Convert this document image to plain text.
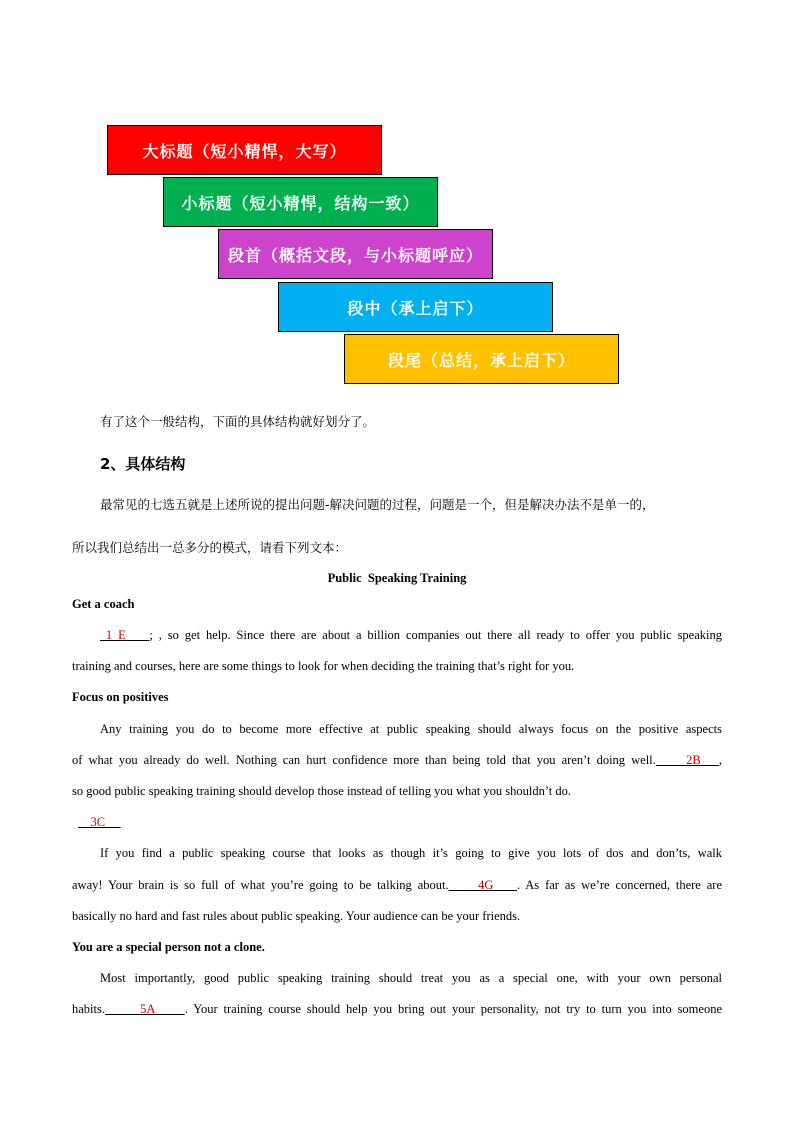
大标题（短小精悍，大写）
小标题（短小精悍，结构一致）
段首（概括文段，与小标题呼应）
段中（承上启下）
段尾（总结，承上启下）
有了这个一般结构，下面的具体结构就好划分了。
2、具体结构
最常见的七选五就是上述所说的提出问题-解决问题的过程，问题是一个，但是解决办法不是单一的，
所以我们总结出一总多分的模式，请看下列文本：
Public  Speaking Training
Get a coach
1 E ; , so get help. Since there are about a billion companies out there all ready to offer you public speaking
training and courses, here are some things to look for when deciding the training that’s right for you.
Focus on positives
Any training you do to become more effective at public speaking should always focus on the positive aspects
of what you already do well. Nothing can hurt confidence more than being told that you aren’t doing well. 2B ,
so good public speaking training should develop those instead of telling you what you shouldn’t do.
3C
If you find a public speaking course that looks as though it’s going to give you lots of dos and don’ts, walk
away! Your brain is so full of what you’re going to be talking about. 4G . As far as we’re concerned, there are
basically no hard and fast rules about public speaking. Your audience can be your friends.
You are a special person not a clone.
Most importantly, good public speaking training should treat you as a special one, with your own personal
habits.	5A . Your training course should help you bring out your personality, not try to turn you into someone
